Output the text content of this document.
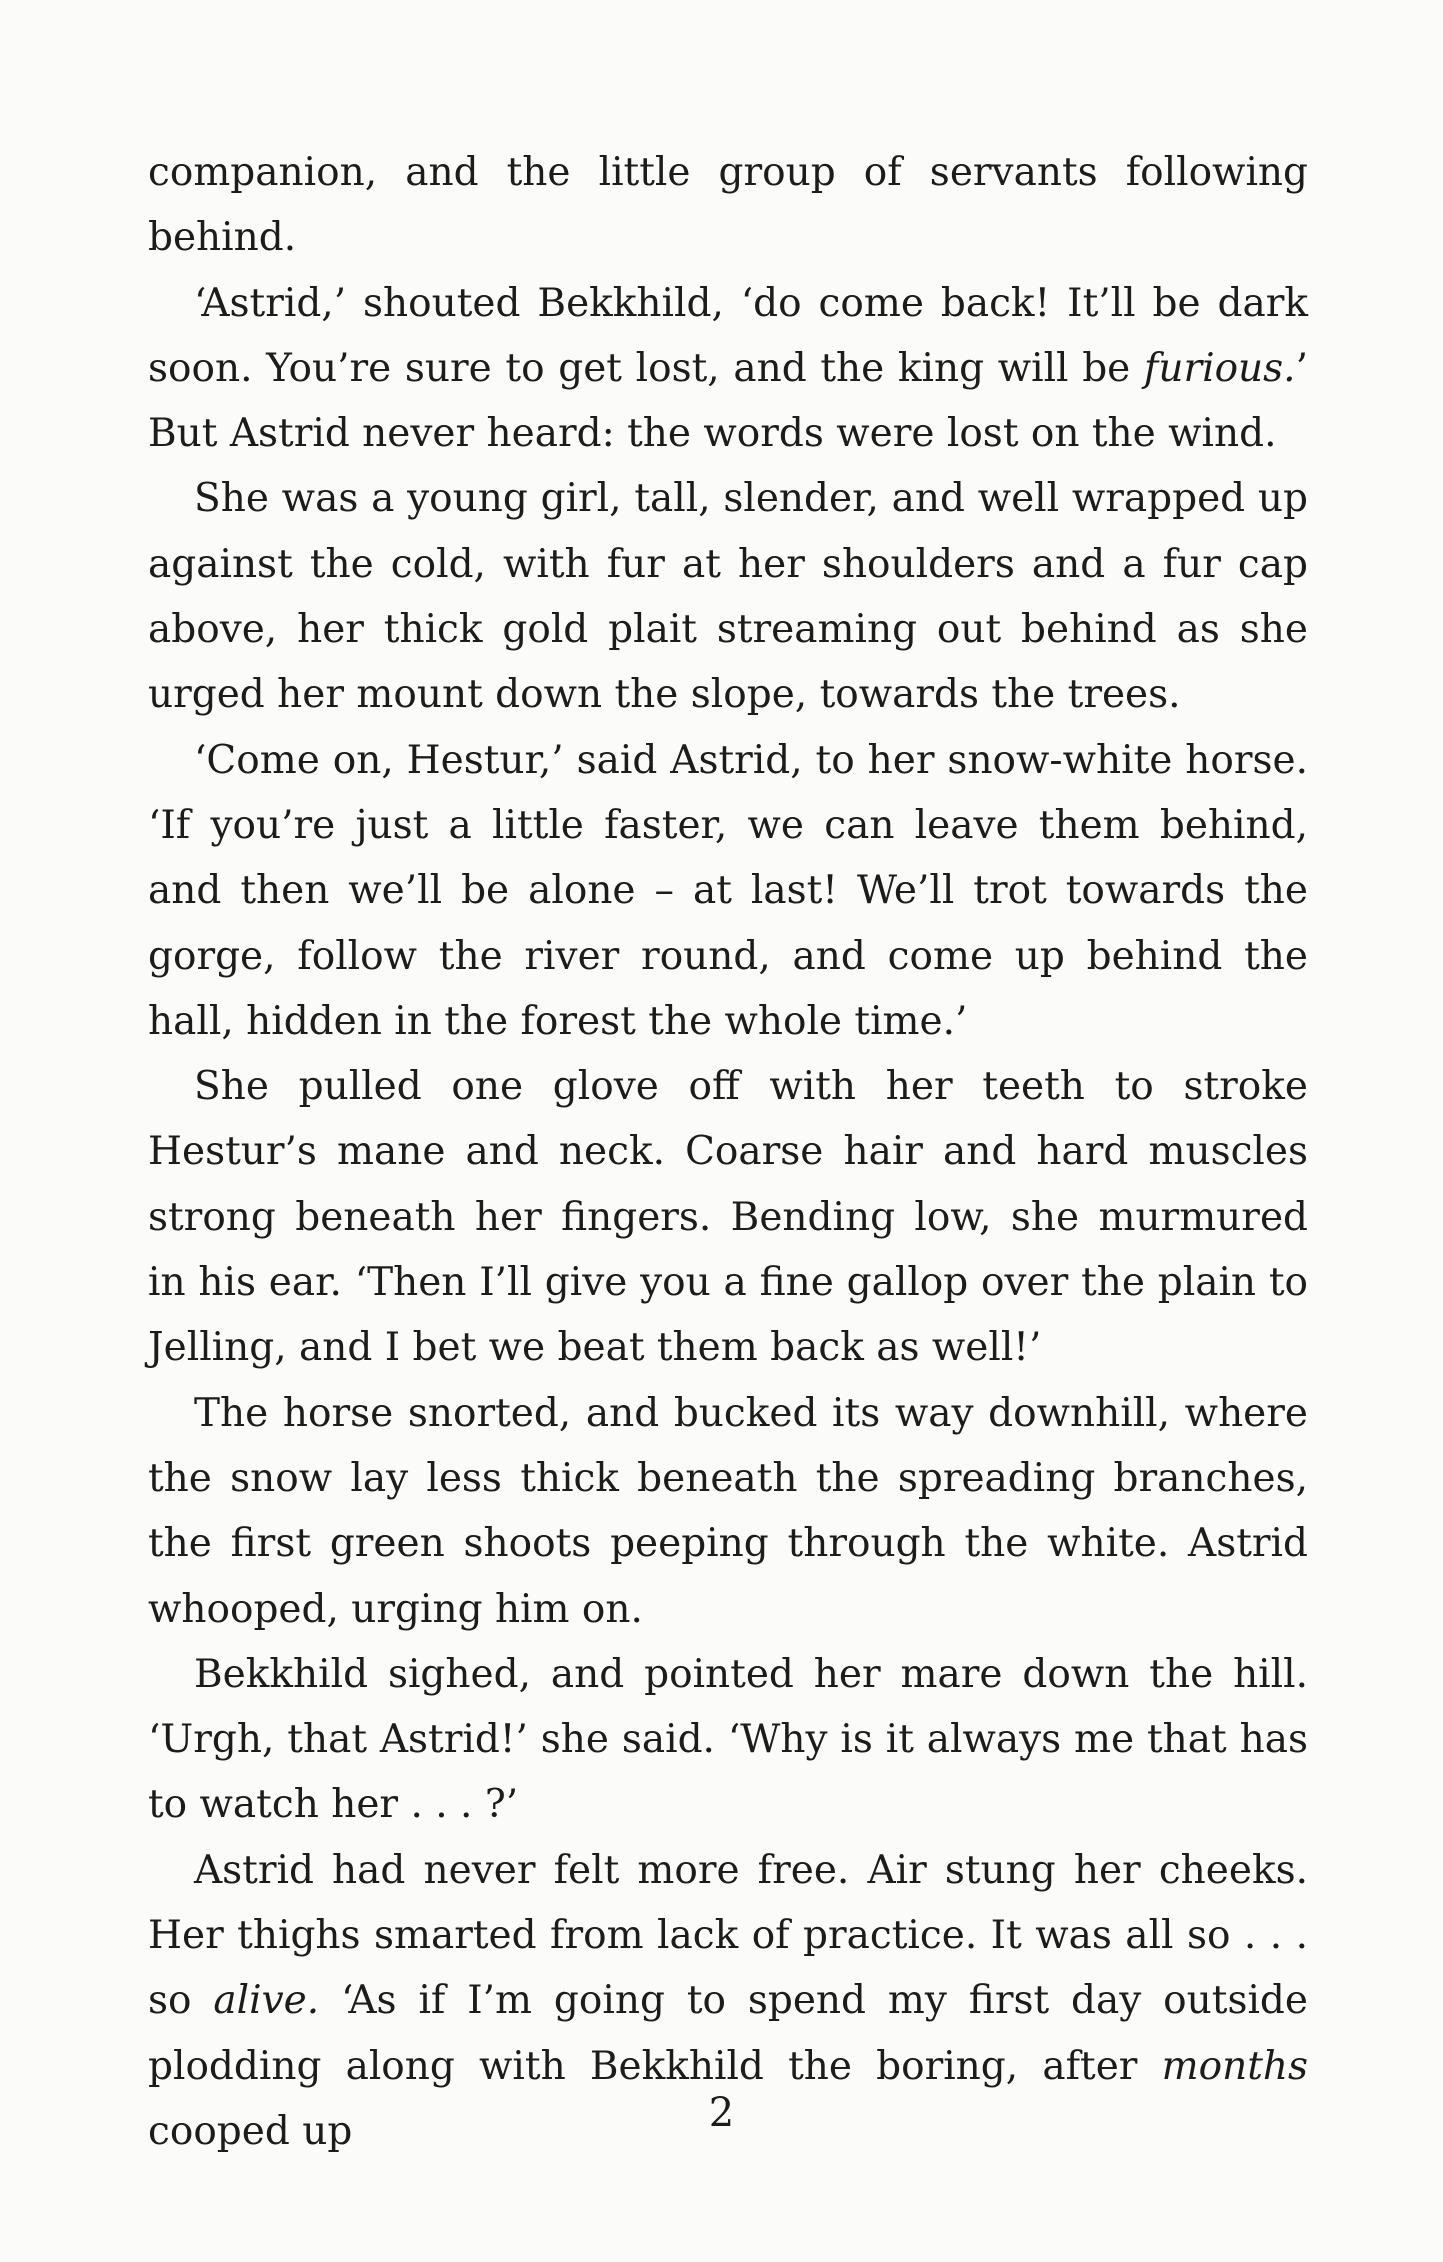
companion, and the little group of servants following behind.

‘Astrid,’ shouted Bekkhild, ‘do come back! It’ll be dark soon. You’re sure to get lost, and the king will be furious.’ But Astrid never heard: the words were lost on the wind.

She was a young girl, tall, slender, and well wrapped up against the cold, with fur at her shoulders and a fur cap above, her thick gold plait streaming out behind as she urged her mount down the slope, towards the trees.

‘Come on, Hestur,’ said Astrid, to her snow-white horse. ‘If you’re just a little faster, we can leave them behind, and then we’ll be alone – at last! We’ll trot towards the gorge, follow the river round, and come up behind the hall, hidden in the forest the whole time.’

She pulled one glove off with her teeth to stroke Hestur’s mane and neck. Coarse hair and hard muscles strong beneath her fingers. Bending low, she murmured in his ear. ‘Then I’ll give you a fine gallop over the plain to Jelling, and I bet we beat them back as well!’

The horse snorted, and bucked its way downhill, where the snow lay less thick beneath the spreading branches, the first green shoots peeping through the white. Astrid whooped, urging him on.

Bekkhild sighed, and pointed her mare down the hill. ‘Urgh, that Astrid!’ she said. ‘Why is it always me that has to watch her . . . ?’

Astrid had never felt more free. Air stung her cheeks. Her thighs smarted from lack of practice. It was all so . . . so alive. ‘As if I’m going to spend my first day outside plodding along with Bekkhild the boring, after months cooped up	2
